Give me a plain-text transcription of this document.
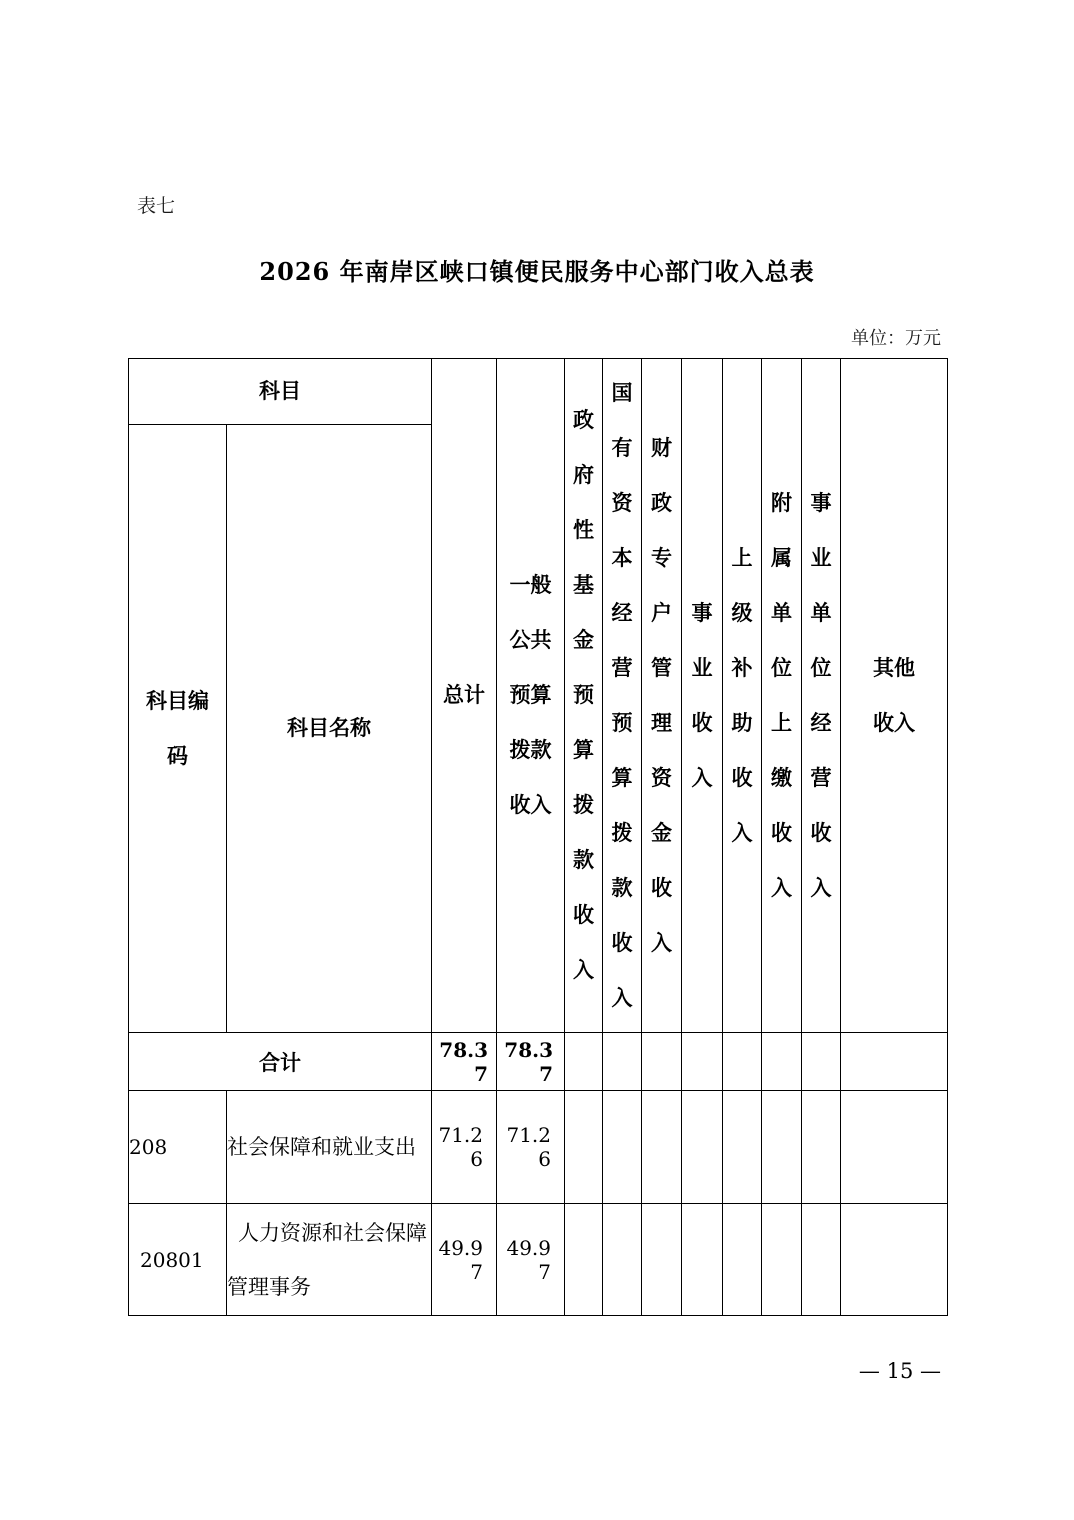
表七
2026 年南岸区峡口镇便民服务中心部门收入总表
单位：万元
科目		总计	一般公共预算拨款收入	政府性基金预算拨款收入	国有资本经营预算拨款收入	财政专户管理资金收入	事业收入	上级补助收入	附属单位上缴收入	事业单位经营收入	其他收入

科目编码	科目名称										

合计		78.37	78.37								

208	社会保障和就业支出	71.26	71.26								

20801	人力资源和社会保障管理事务	49.97	49.97								

— 15 —
